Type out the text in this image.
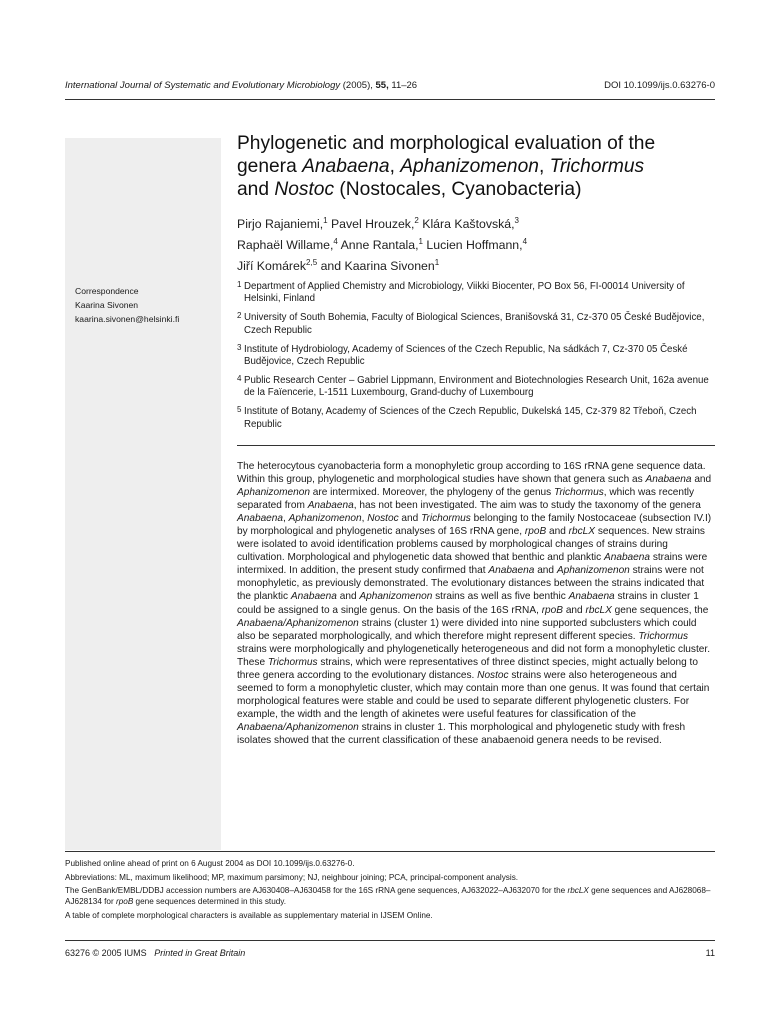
International Journal of Systematic and Evolutionary Microbiology (2005), 55, 11–26	DOI 10.1099/ijs.0.63276-0
Phylogenetic and morphological evaluation of the
genera Anabaena, Aphanizomenon, Trichormus
and Nostoc (Nostocales, Cyanobacteria)
Pirjo Rajaniemi,$^1$ Pavel Hrouzek,$^2$ Klára Kaštovská,$^3$
Raphaël Willame,$^4$ Anne Rantala,$^1$ Lucien Hoffmann,$^4$
Jiří Komárek$^{2,5}$ and Kaarina Sivonen$^1$
Correspondence
Kaarina Sivonen
kaarina.sivonen@helsinki.fi
1 Department of Applied Chemistry and Microbiology, Viikki Biocenter, PO Box 56, FI-00014 University of Helsinki, Finland
2 University of South Bohemia, Faculty of Biological Sciences, Branišovská 31, Cz-370 05 České Budějovice, Czech Republic
3 Institute of Hydrobiology, Academy of Sciences of the Czech Republic, Na sádkách 7, Cz-370 05 České Budějovice, Czech Republic
4 Public Research Center – Gabriel Lippmann, Environment and Biotechnologies Research Unit, 162a avenue de la Faïencerie, L-1511 Luxembourg, Grand-duchy of Luxembourg
5 Institute of Botany, Academy of Sciences of the Czech Republic, Dukelská 145, Cz-379 82 Třeboň, Czech Republic

The heterocytous cyanobacteria form a monophyletic group according to 16S rRNA gene sequence data. Within this group, phylogenetic and morphological studies have shown that genera such as Anabaena and Aphanizomenon are intermixed. Moreover, the phylogeny of the genus Trichormus, which was recently separated from Anabaena, has not been investigated. The aim was to study the taxonomy of the genera Anabaena, Aphanizomenon, Nostoc and Trichormus belonging to the family Nostocaceae (subsection IV.I) by morphological and phylogenetic analyses of 16S rRNA gene, rpoB and rbcLX sequences. New strains were isolated to avoid identification problems caused by morphological changes of strains during cultivation. Morphological and phylogenetic data showed that benthic and planktic Anabaena strains were intermixed. In addition, the present study confirmed that Anabaena and Aphanizomenon strains were not monophyletic, as previously demonstrated. The evolutionary distances between the strains indicated that the planktic Anabaena and Aphanizomenon strains as well as five benthic Anabaena strains in cluster 1 could be assigned to a single genus. On the basis of the 16S rRNA, rpoB and rbcLX gene sequences, the Anabaena/Aphanizomenon strains (cluster 1) were divided into nine supported subclusters which could also be separated morphologically, and which therefore might represent different species. Trichormus strains were morphologically and phylogenetically heterogeneous and did not form a monophyletic cluster. These Trichormus strains, which were representatives of three distinct species, might actually belong to three genera according to the evolutionary distances. Nostoc strains were also heterogeneous and seemed to form a monophyletic cluster, which may contain more than one genus. It was found that certain morphological features were stable and could be used to separate different phylogenetic clusters. For example, the width and the length of akinetes were useful features for classification of the Anabaena/Aphanizomenon strains in cluster 1. This morphological and phylogenetic study with fresh isolates showed that the current classification of these anabaenoid genera needs to be revised.

Published online ahead of print on 6 August 2004 as DOI 10.1099/ijs.0.63276-0.

Abbreviations: ML, maximum likelihood; MP, maximum parsimony; NJ, neighbour joining; PCA, principal-component analysis.

The GenBank/EMBL/DDBJ accession numbers are AJ630408–AJ630458 for the 16S rRNA gene sequences, AJ632022–AJ632070 for the rbcLX gene sequences and AJ628068–AJ628134 for rpoB gene sequences determined in this study.

A table of complete morphological characters is available as supplementary material in IJSEM Online.

63276 © 2005 IUMS Printed in Great Britain	11
